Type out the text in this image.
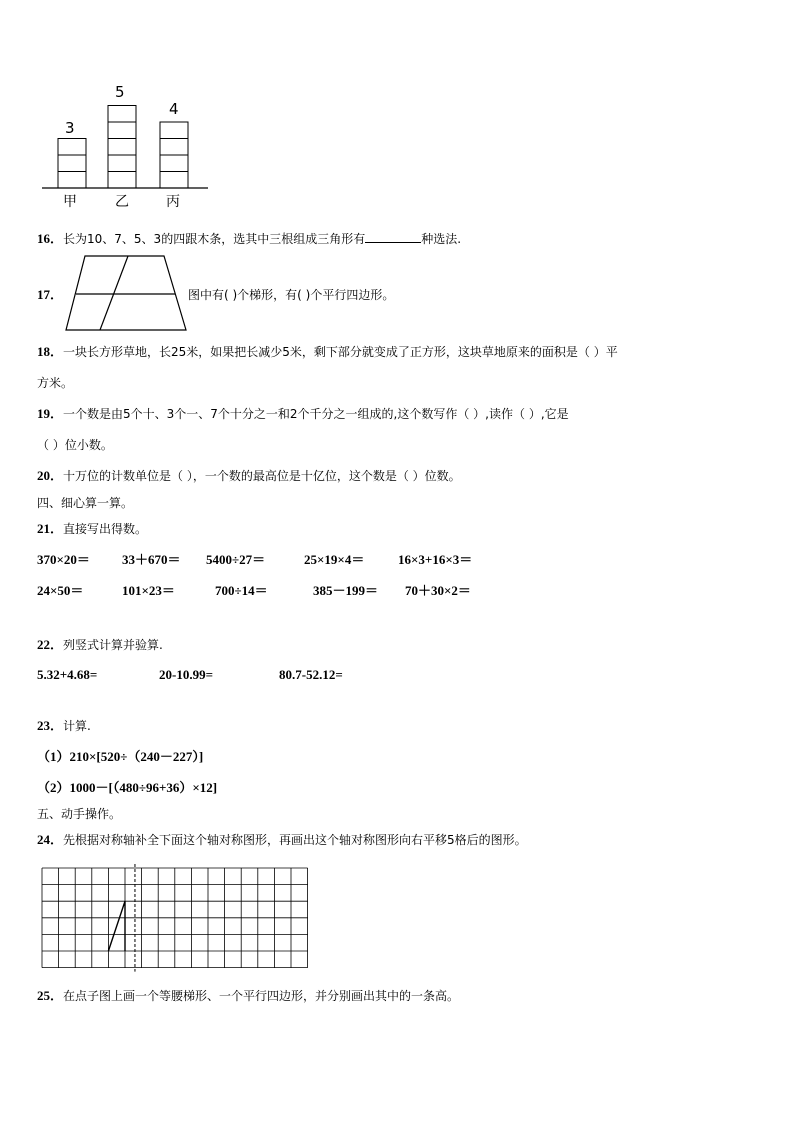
3
5
4
甲	乙	丙
16．长为10、7、5、3的四跟木条，选其中三根组成三角形有	种选法.
17．	图中有( )个梯形，有( )个平行四边形。
18．一块长方形草地，长25米，如果把长减少5米，剩下部分就变成了正方形，这块草地原来的面积是（ ）平
方米。
19．一个数是由5个十、3个一、7个十分之一和2个千分之一组成的,这个数写作（ ）,读作（ ）,它是
（ ）位小数。
20．十万位的计数单位是（ ），一个数的最高位是十亿位，这个数是（ ）位数。
四、细心算一算。
21．直接写出得数。
370×20＝ 33＋670＝ 5400÷27＝	25×19×4＝	16×3+16×3＝
24×50＝	101×23＝	700÷14＝	385－199＝ 70＋30×2＝
22．列竖式计算并验算.
5.32+4.68=	20-10.99=	80.7-52.12=
23．计算.
（1）210×[520÷（240－227）]
（2）1000－[（480÷96+36）×12]
五、动手操作。
24．先根据对称轴补全下面这个轴对称图形，再画出这个轴对称图形向右平移5格后的图形。
25．在点子图上画一个等腰梯形、一个平行四边形，并分别画出其中的一条高。
